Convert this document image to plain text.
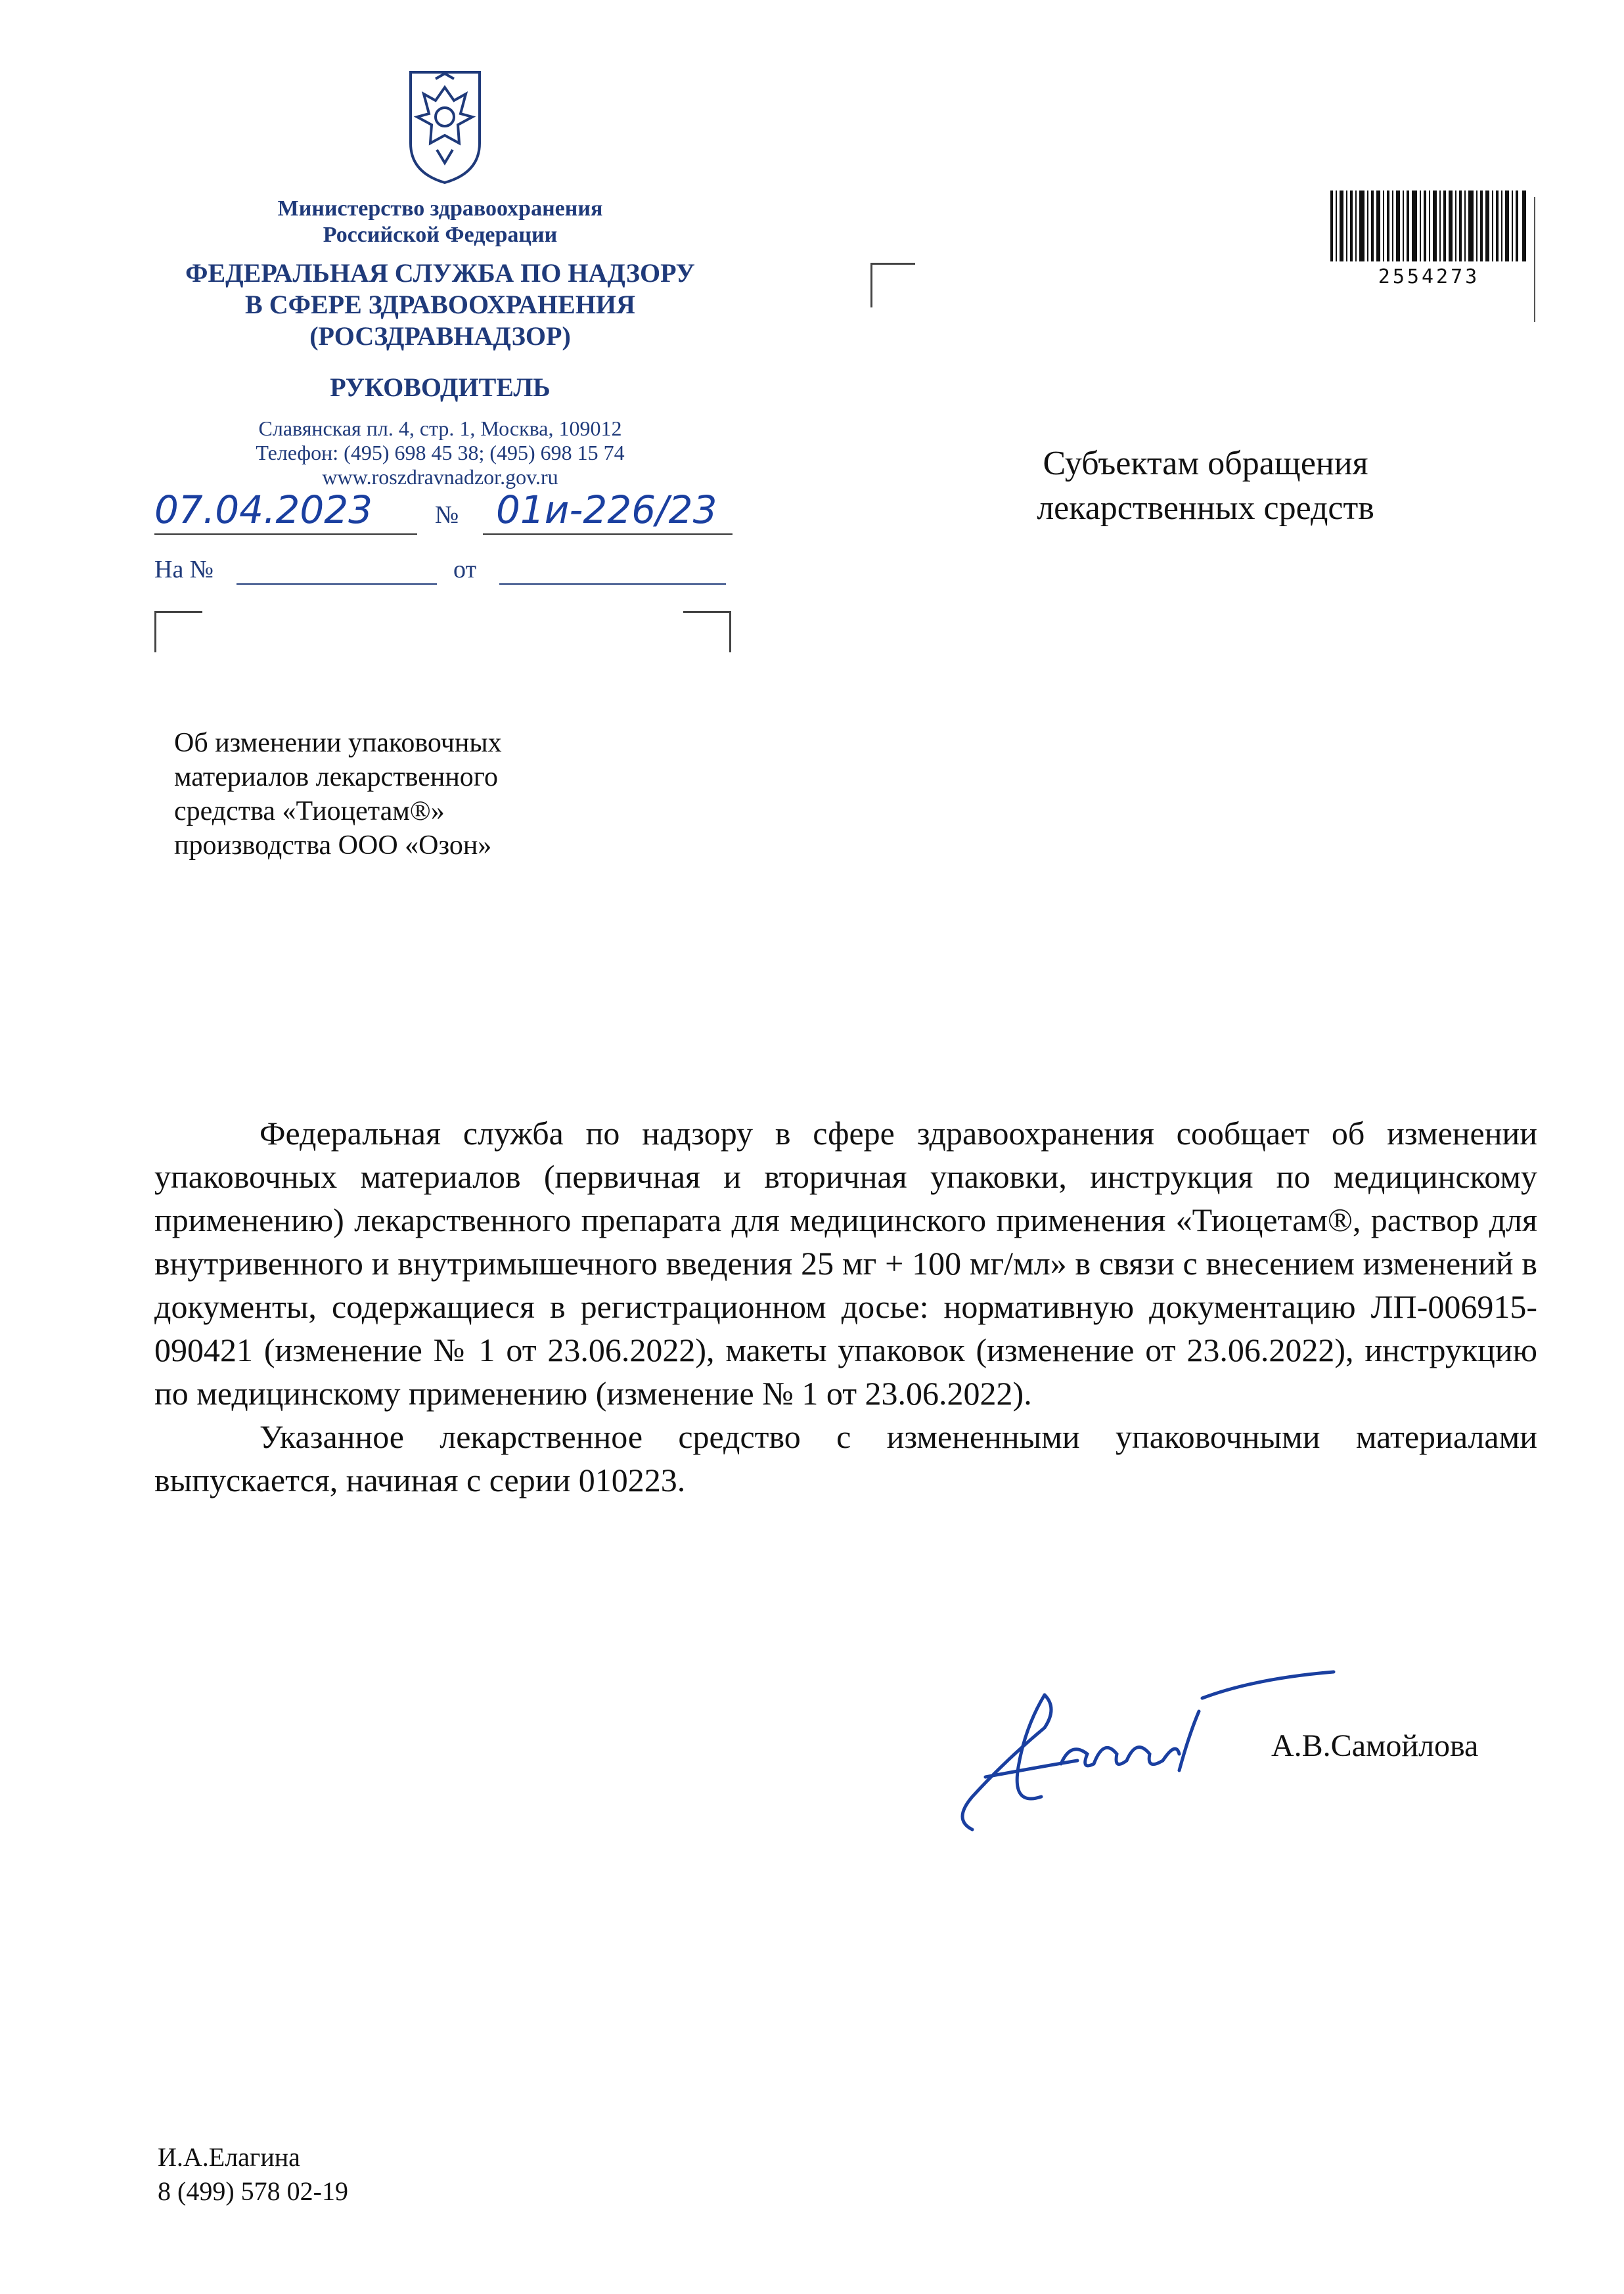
Министерство здравоохранения
Российской Федерации
ФЕДЕРАЛЬНАЯ СЛУЖБА ПО НАДЗОРУ
В СФЕРЕ ЗДРАВООХРАНЕНИЯ
(РОСЗДРАВНАДЗОР)
РУКОВОДИТЕЛЬ
Славянская пл. 4, стр. 1, Москва, 109012
Телефон: (495) 698 45 38; (495) 698 15 74
www.roszdravnadzor.gov.ru
07.04.2023 № 01и-226/23
На №	от
2554273
Субъектам обращения
лекарственных средств
Об изменении упаковочных
материалов лекарственного
средства «Тиоцетам®»
производства ООО «Озон»

Федеральная служба по надзору в сфере здравоохранения сообщает об изменении упаковочных материалов (первичная и вторичная упаковки, инструкция по медицинскому применению) лекарственного препарата для медицинского применения «Тиоцетам®, раствор для внутривенного и внутримышечного введения 25 мг + 100 мг/мл» в связи с внесением изменений в документы, содержащиеся в регистрационном досье: нормативную документацию ЛП-006915-090421 (изменение № 1 от 23.06.2022), макеты упаковок (изменение от 23.06.2022), инструкцию по медицинскому применению (изменение № 1 от 23.06.2022).

Указанное лекарственное средство с измененными упаковочными материалами выпускается, начиная с серии 010223.

А.В.Самойлова
И.А.Елагина
8 (499) 578 02-19
